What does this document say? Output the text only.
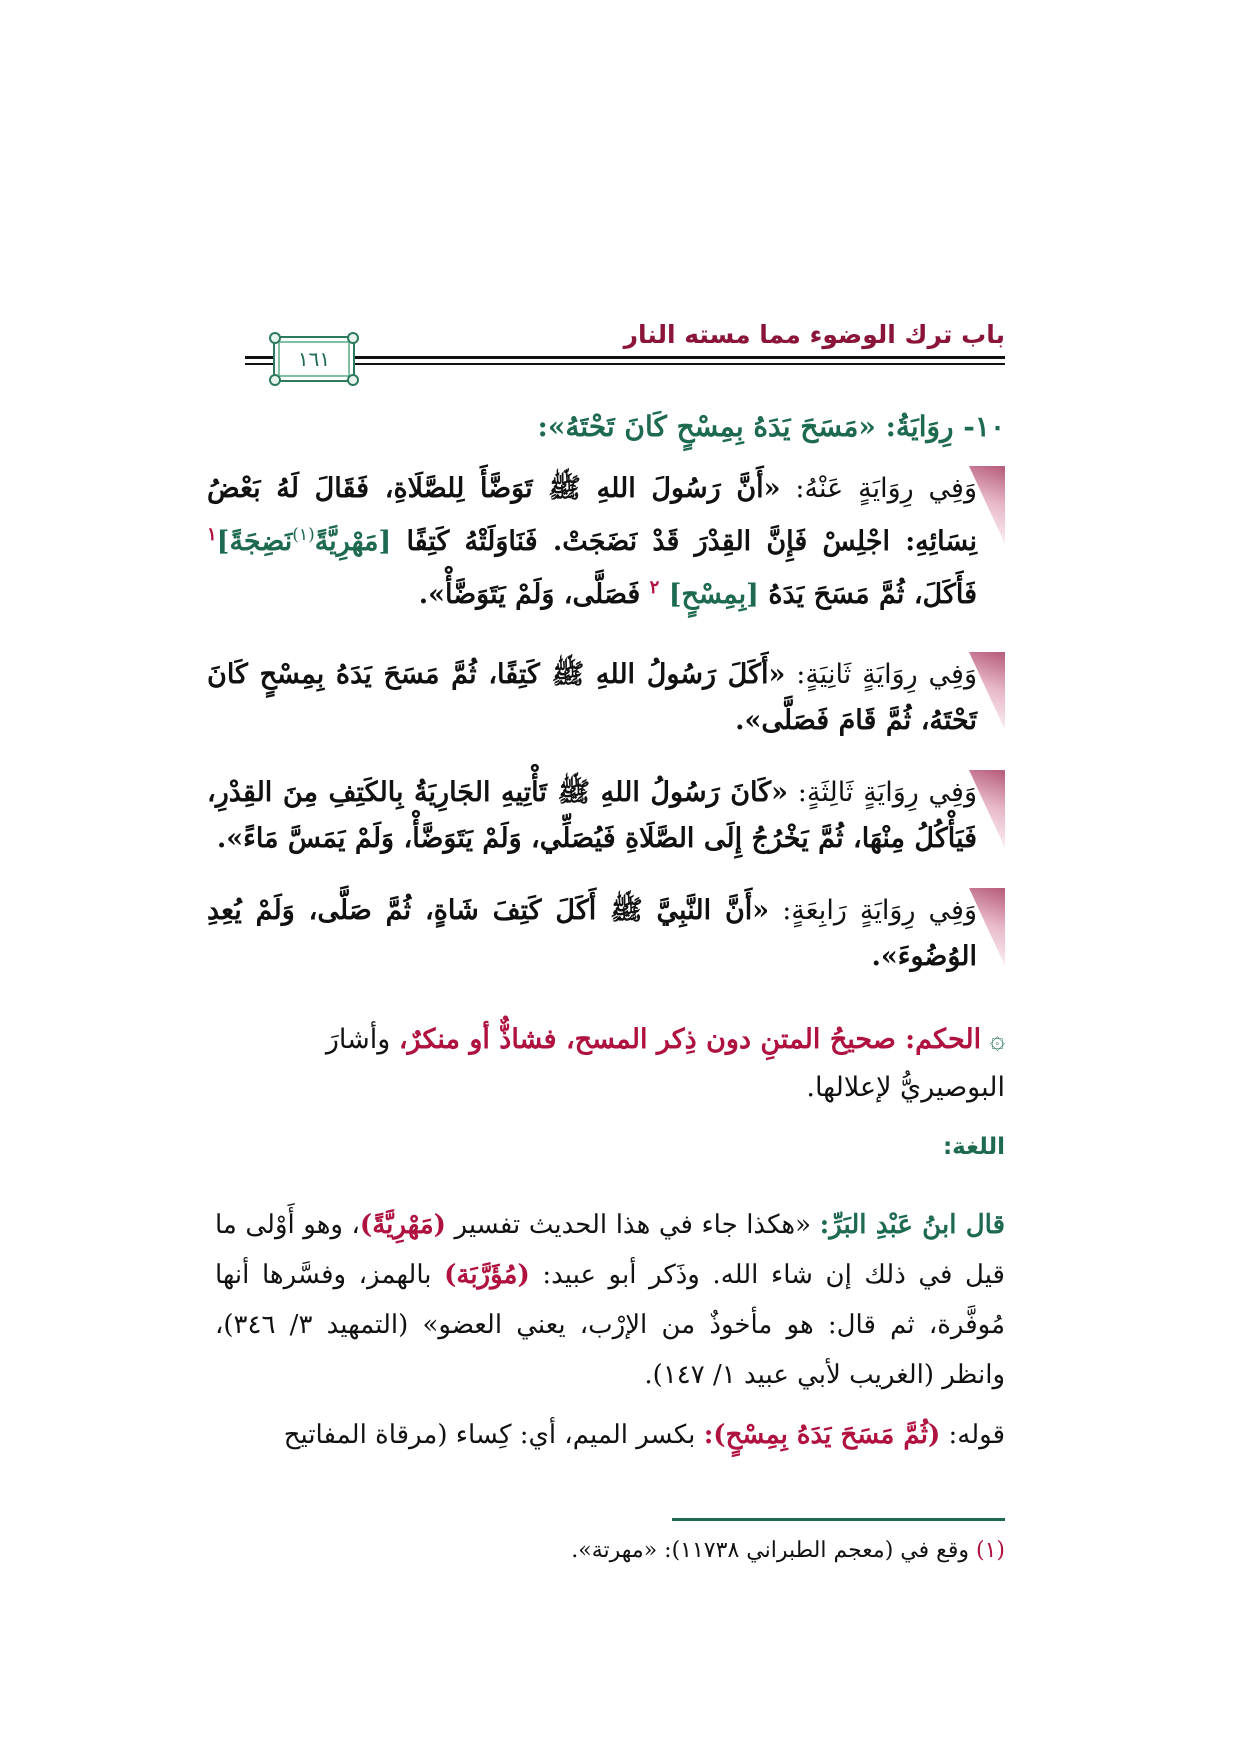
باب ترك الوضوء مما مسته النار
١٦١
١٠- رِوَايَةُ: «مَسَحَ يَدَهُ بِمِسْحٍ كَانَ تَحْتَهُ»:

وَفِي رِوَايَةٍ عَنْهُ: «أَنَّ رَسُولَ اللهِ ﷺ تَوَضَّأَ لِلصَّلَاةِ، فَقَالَ لَهُ بَعْضُ نِسَائِهِ: اجْلِسْ فَإِنَّ القِدْرَ قَدْ نَضَجَتْ. فَنَاوَلَتْهُ كَتِفًا [مَهْرِيَّةً$^{(١)}$نَضِجَةً]$^١$ فَأَكَلَ، ثُمَّ مَسَحَ يَدَهُ [بِمِسْحٍ] $^٢$ فَصَلَّى، وَلَمْ يَتَوَضَّأْ».

وَفِي رِوَايَةٍ ثَانِيَةٍ: «أَكَلَ رَسُولُ اللهِ ﷺ كَتِفًا، ثُمَّ مَسَحَ يَدَهُ بِمِسْحٍ كَانَ تَحْتَهُ، ثُمَّ قَامَ فَصَلَّى».

وَفِي رِوَايَةٍ ثَالِثَةٍ: «كَانَ رَسُولُ اللهِ ﷺ تَأْتِيهِ الجَارِيَةُ بِالكَتِفِ مِنَ القِدْرِ، فَيَأْكُلُ مِنْهَا، ثُمَّ يَخْرُجُ إِلَى الصَّلَاةِ فَيُصَلِّي، وَلَمْ يَتَوَضَّأْ، وَلَمْ يَمَسَّ مَاءً».

وَفِي رِوَايَةٍ رَابِعَةٍ: «أَنَّ النَّبِيَّ ﷺ أَكَلَ كَتِفَ شَاةٍ، ثُمَّ صَلَّى، وَلَمْ يُعِدِ الوُضُوءَ».

۞ الحكم: صحيحُ المتنِ دون ذِكر المسح، فشاذٌّ أو منكرٌ، وأشارَ البوصيريُّ لإعلالها.
اللغة:
قال ابنُ عَبْدِ البَرِّ: «هكذا جاء في هذا الحديث تفسير (مَهْرِيَّةً)، وهو أَوْلى ما قيل في ذلك إن شاء الله. وذَكر أبو عبيد: (مُؤَرَّبَة) بالهمز، وفسَّرها أنها مُوفَّرة، ثم قال: هو مأخوذٌ من الإرْب، يعني العضو» (التمهيد ٣/ ٣٤٦)، وانظر (الغريب لأبي عبيد ١/ ١٤٧).
قوله: (ثُمَّ مَسَحَ يَدَهُ بِمِسْحٍ): بكسر الميم، أي: كِساء (مرقاة المفاتيح
(١) وقع في (معجم الطبراني ١١٧٣٨): «مهرتة».
